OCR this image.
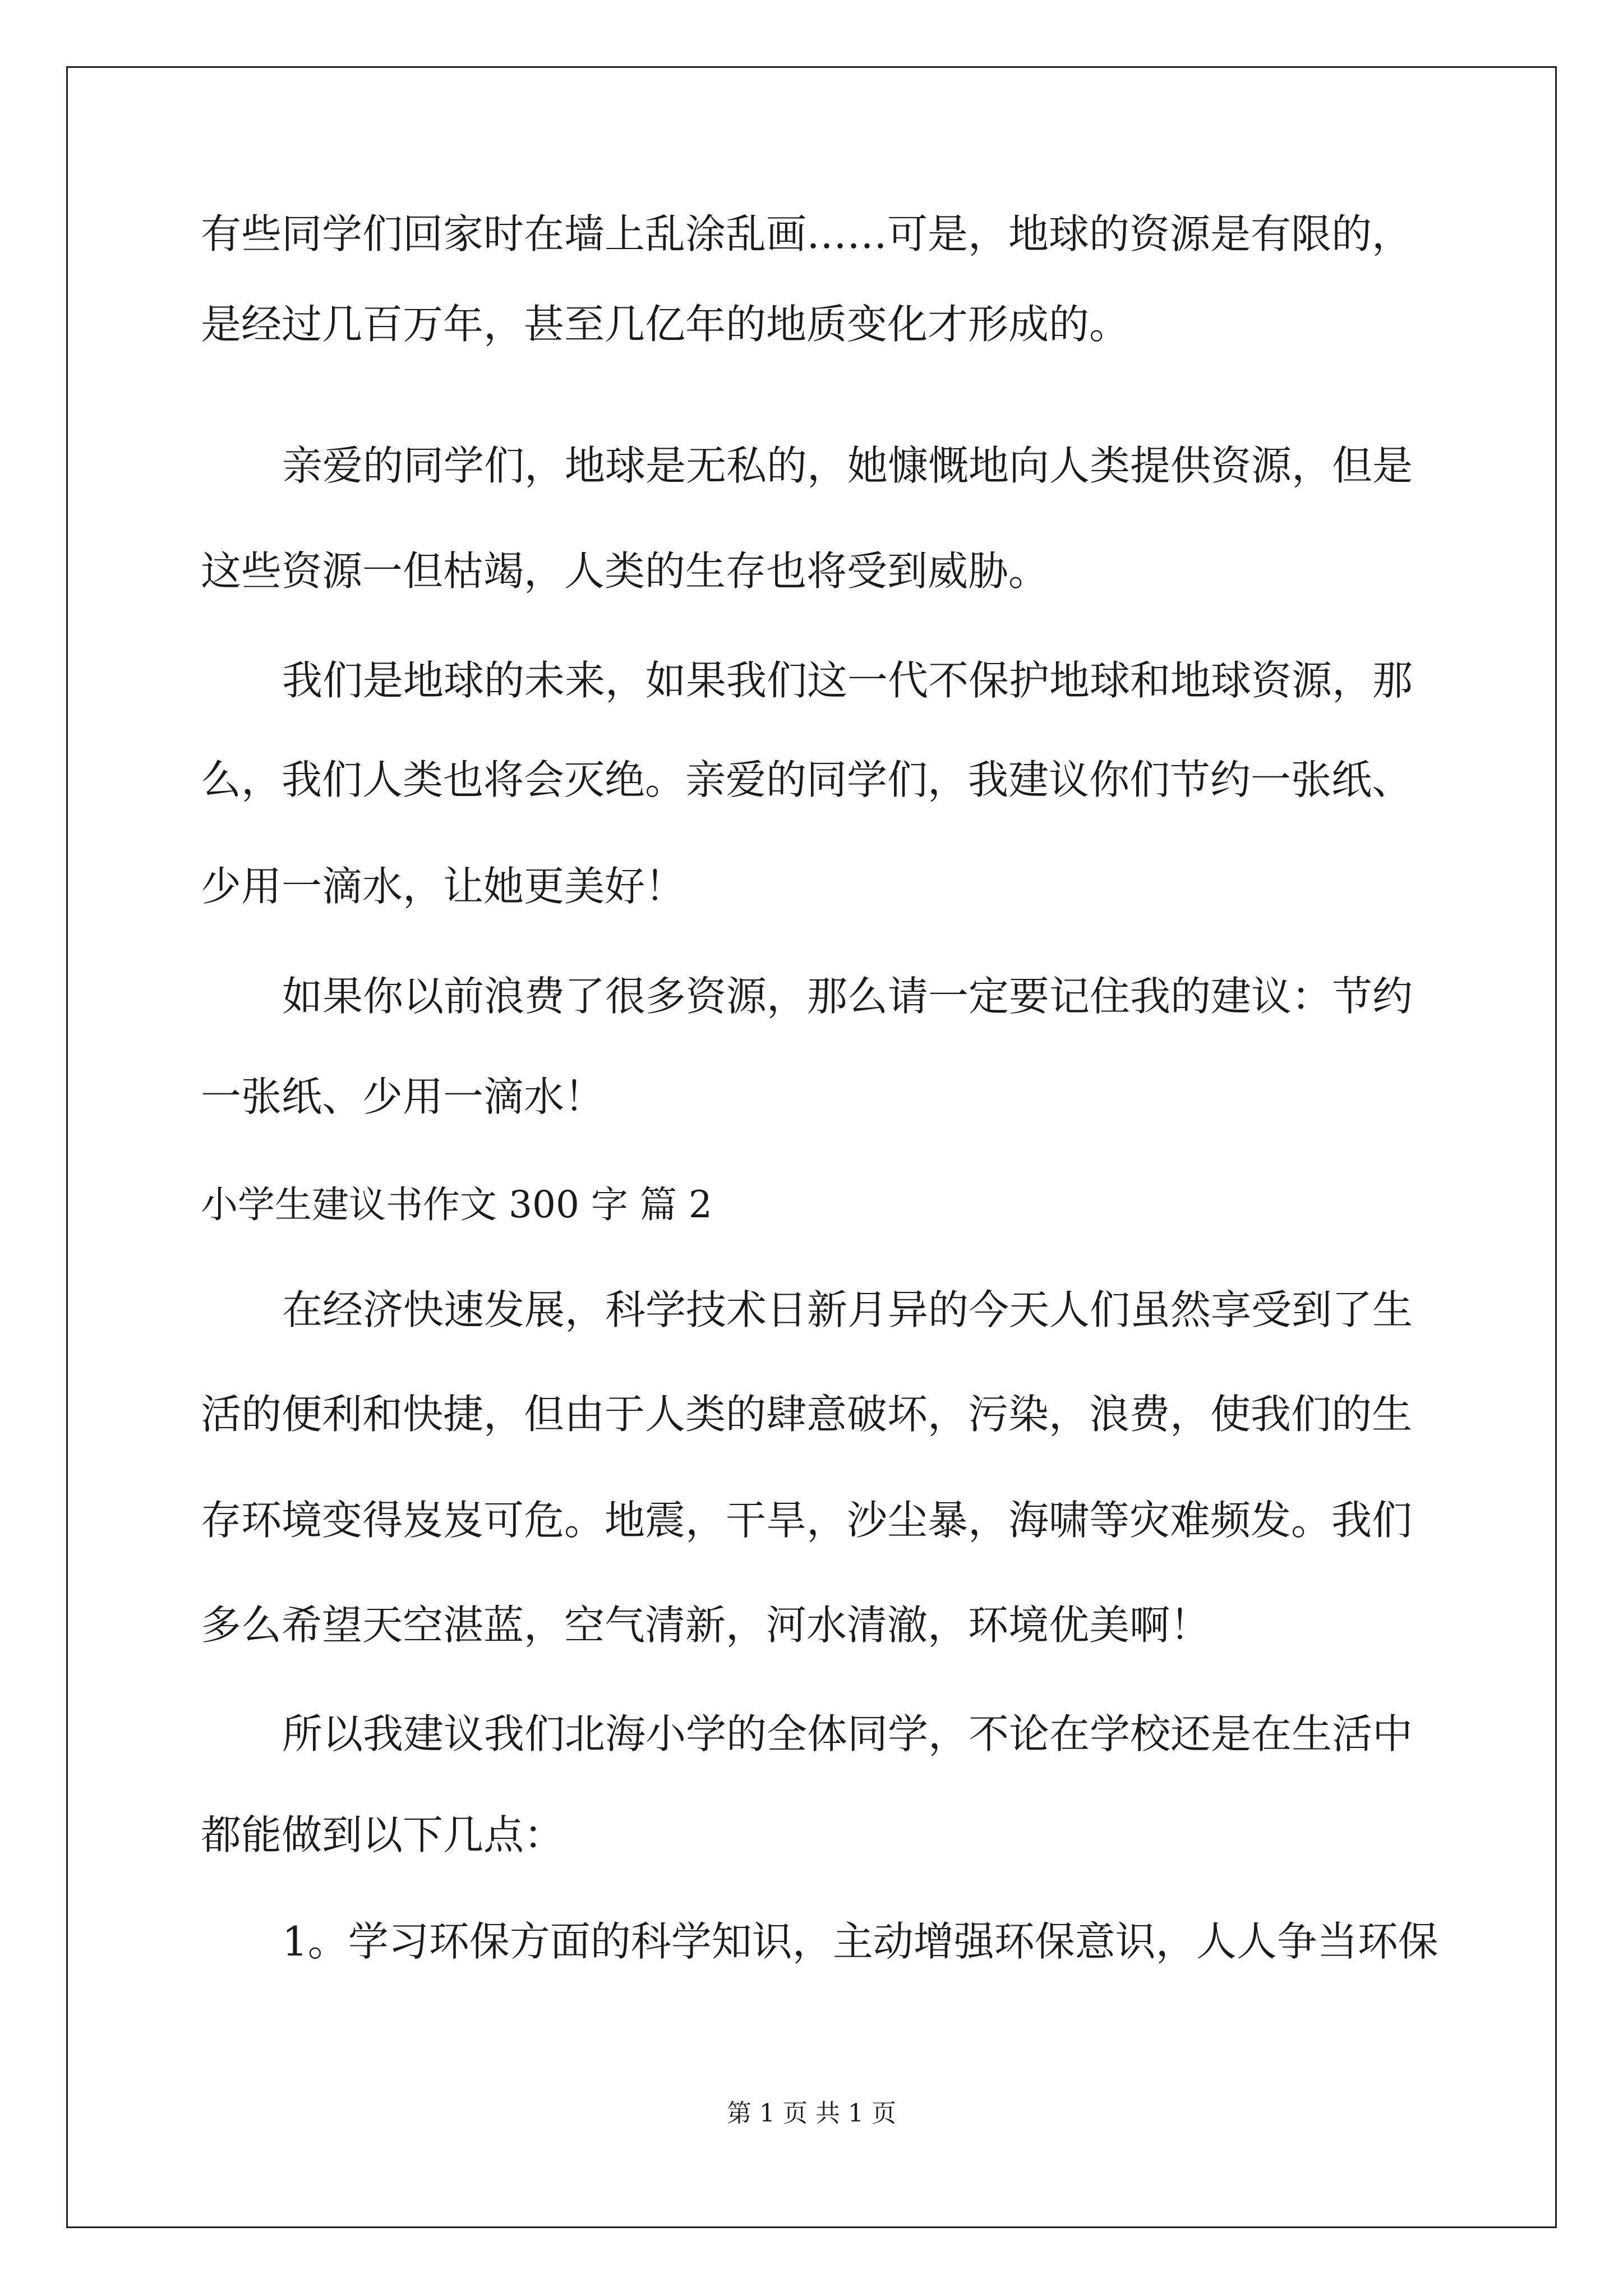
有些同学们回家时在墙上乱涂乱画……可是，地球的资源是有限的，

是经过几百万年，甚至几亿年的地质变化才形成的。

亲爱的同学们，地球是无私的，她慷慨地向人类提供资源，但是

这些资源一但枯竭，人类的生存也将受到威胁。

我们是地球的未来，如果我们这一代不保护地球和地球资源，那

么，我们人类也将会灭绝。亲爱的同学们，我建议你们节约一张纸、

少用一滴水，让她更美好！

如果你以前浪费了很多资源，那么请一定要记住我的建议：节约

一张纸、少用一滴水！

小学生建议书作文 300 字 篇 2

在经济快速发展，科学技术日新月异的今天人们虽然享受到了生

活的便利和快捷，但由于人类的肆意破坏，污染，浪费，使我们的生

存环境变得岌岌可危。地震，干旱，沙尘暴，海啸等灾难频发。我们

多么希望天空湛蓝，空气清新，河水清澈，环境优美啊！

所以我建议我们北海小学的全体同学，不论在学校还是在生活中

都能做到以下几点：

1。学习环保方面的科学知识，主动增强环保意识，人人争当环保

第 1 页 共 1 页
